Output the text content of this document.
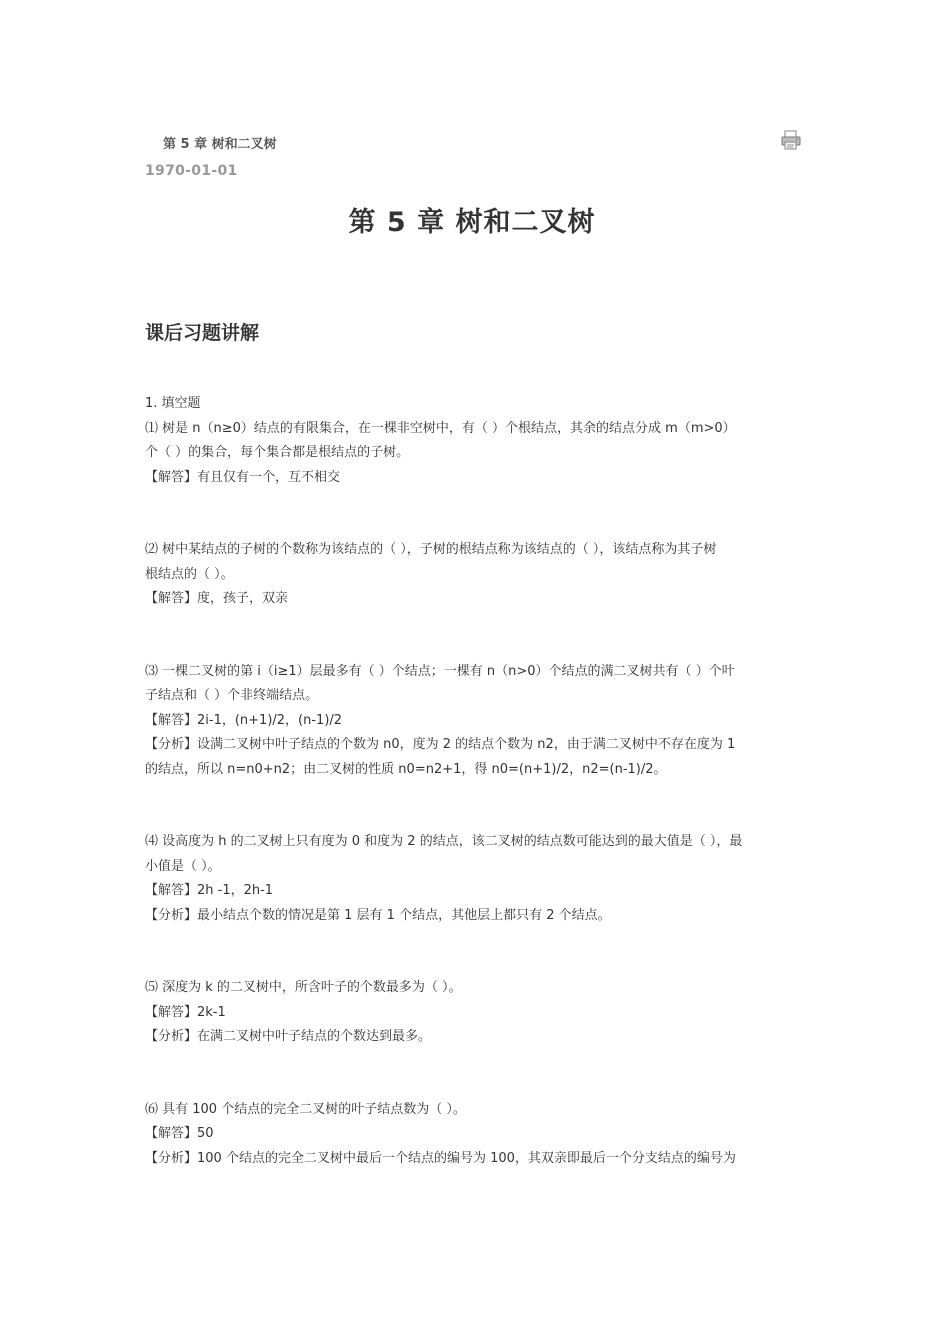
第 5 章 树和二叉树
1970-01-01
第 5 章 树和二叉树
课后习题讲解
1. 填空题
⑴ 树是 n（n≥0）结点的有限集合，在一棵非空树中，有（ ）个根结点，其余的结点分成 m（m>0）
个（ ）的集合，每个集合都是根结点的子树。
【解答】有且仅有一个，互不相交
⑵ 树中某结点的子树的个数称为该结点的（ ），子树的根结点称为该结点的（ ），该结点称为其子树
根结点的（ ）。
【解答】度，孩子，双亲
⑶ 一棵二叉树的第 i（i≥1）层最多有（ ）个结点；一棵有 n（n>0）个结点的满二叉树共有（ ）个叶
子结点和（ ）个非终端结点。
【解答】2i-1，(n+1)/2，(n-1)/2
【分析】设满二叉树中叶子结点的个数为 n0，度为 2 的结点个数为 n2，由于满二叉树中不存在度为 1
的结点，所以 n=n0+n2；由二叉树的性质 n0=n2+1，得 n0=(n+1)/2，n2=(n-1)/2。
⑷ 设高度为 h 的二叉树上只有度为 0 和度为 2 的结点，该二叉树的结点数可能达到的最大值是（ ），最
小值是（ ）。
【解答】2h -1，2h-1
【分析】最小结点个数的情况是第 1 层有 1 个结点，其他层上都只有 2 个结点。
⑸ 深度为 k 的二叉树中，所含叶子的个数最多为（ ）。
【解答】2k-1
【分析】在满二叉树中叶子结点的个数达到最多。
⑹ 具有 100 个结点的完全二叉树的叶子结点数为（ ）。
【解答】50
【分析】100 个结点的完全二叉树中最后一个结点的编号为 100，其双亲即最后一个分支结点的编号为
